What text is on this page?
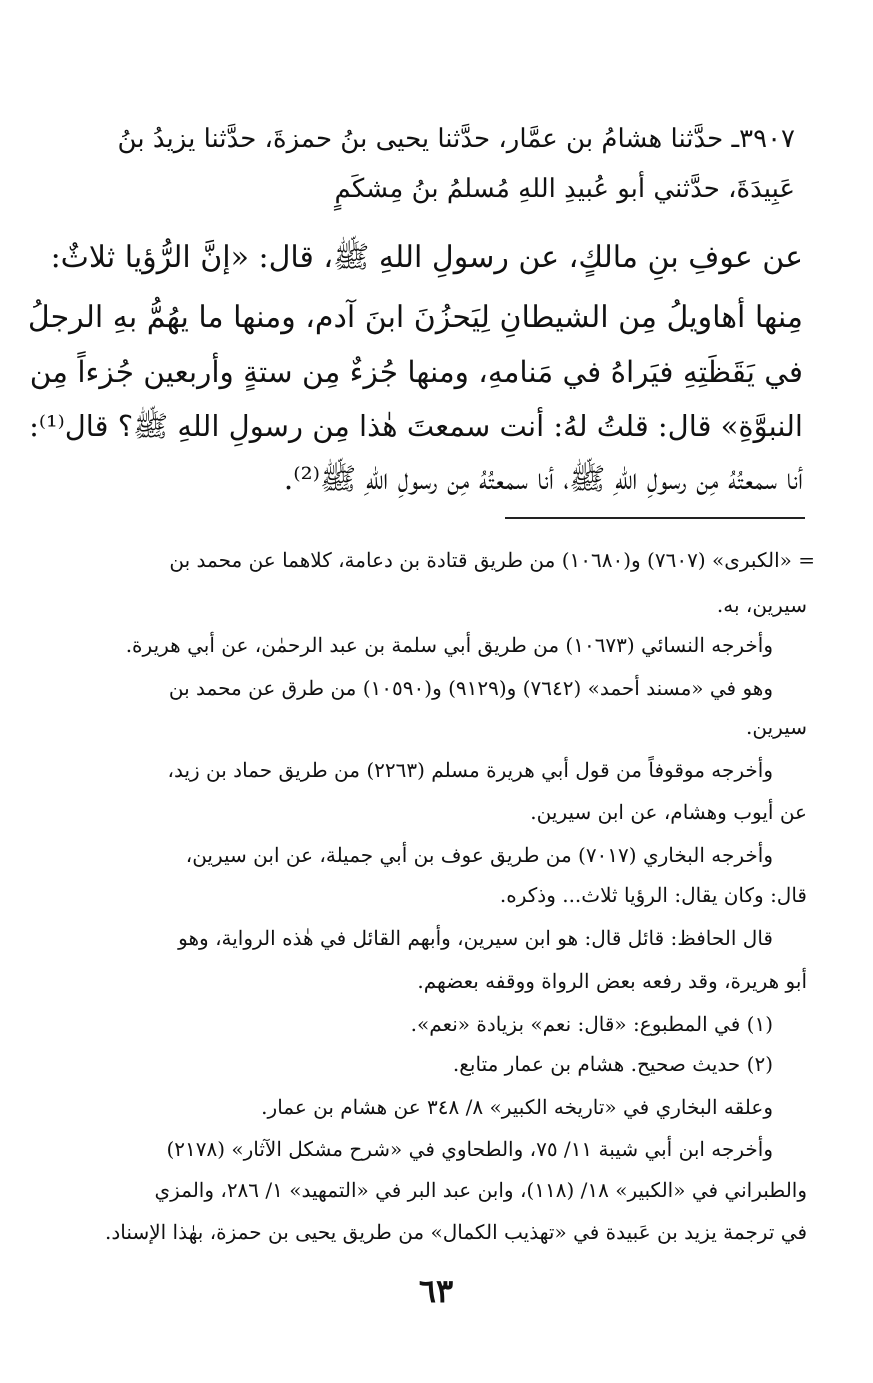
٣٩٠٧ـ حدَّثنا هشامُ بن عمَّار، حدَّثنا يحيى بنُ حمزةَ، حدَّثنا يزيدُ بنُ
عَبِيدَةَ، حدَّثني أبو عُبيدِ اللهِ مُسلمُ بنُ مِشكَمٍ
عن عوفِ بنِ مالكٍ، عن رسولِ اللهِ ﷺ، قال: «إنَّ الرُّؤيا ثلاثٌ:
مِنها أهاويلُ مِن الشيطانِ لِيَحزُنَ ابنَ آدم، ومنها ما يهُمُّ بهِ الرجلُ
في يَقَظَتِهِ فيَراهُ في مَنامهِ، ومنها جُزءٌ مِن ستةٍ وأربعين جُزءاً مِن
النبوَّةِ» قال: قلتُ لهُ: أنت سمعتَ هٰذا مِن رسولِ اللهِ ﷺ؟ قال⁽¹⁾:
أنا سمعتُهُ مِن رسولِ اللهِ ﷺ، أنا سمعتُهُ مِن رسولِ اللهِ ﷺ⁽²⁾.
= «الكبرى» (٧٦٠٧) و(١٠٦٨٠) من طريق قتادة بن دعامة، كلاهما عن محمد بن
سيرين، به.
وأخرجه النسائي (١٠٦٧٣) من طريق أبي سلمة بن عبد الرحمٰن، عن أبي هريرة.
وهو في «مسند أحمد» (٧٦٤٢) و(٩١٢٩) و(١٠٥٩٠) من طرق عن محمد بن
سيرين.
وأخرجه موقوفاً من قول أبي هريرة مسلم (٢٢٦٣) من طريق حماد بن زيد،
عن أيوب وهشام، عن ابن سيرين.
وأخرجه البخاري (٧٠١٧) من طريق عوف بن أبي جميلة، عن ابن سيرين،
قال: وكان يقال: الرؤيا ثلاث... وذكره.
قال الحافظ: قائل قال: هو ابن سيرين، وأبهم القائل في هٰذه الرواية، وهو
أبو هريرة، وقد رفعه بعض الرواة ووقفه بعضهم.
(١) في المطبوع: «قال: نعم» بزيادة «نعم».
(٢) حديث صحيح. هشام بن عمار متابع.
وعلقه البخاري في «تاريخه الكبير» ٨/ ٣٤٨ عن هشام بن عمار.
وأخرجه ابن أبي شيبة ١١/ ٧٥، والطحاوي في «شرح مشكل الآثار» (٢١٧٨)
والطبراني في «الكبير» ١٨/ (١١٨)، وابن عبد البر في «التمهيد» ١/ ٢٨٦، والمزي
في ترجمة يزيد بن عَبيدة في «تهذيب الكمال» من طريق يحيى بن حمزة، بهٰذا الإسناد.
٦٣
